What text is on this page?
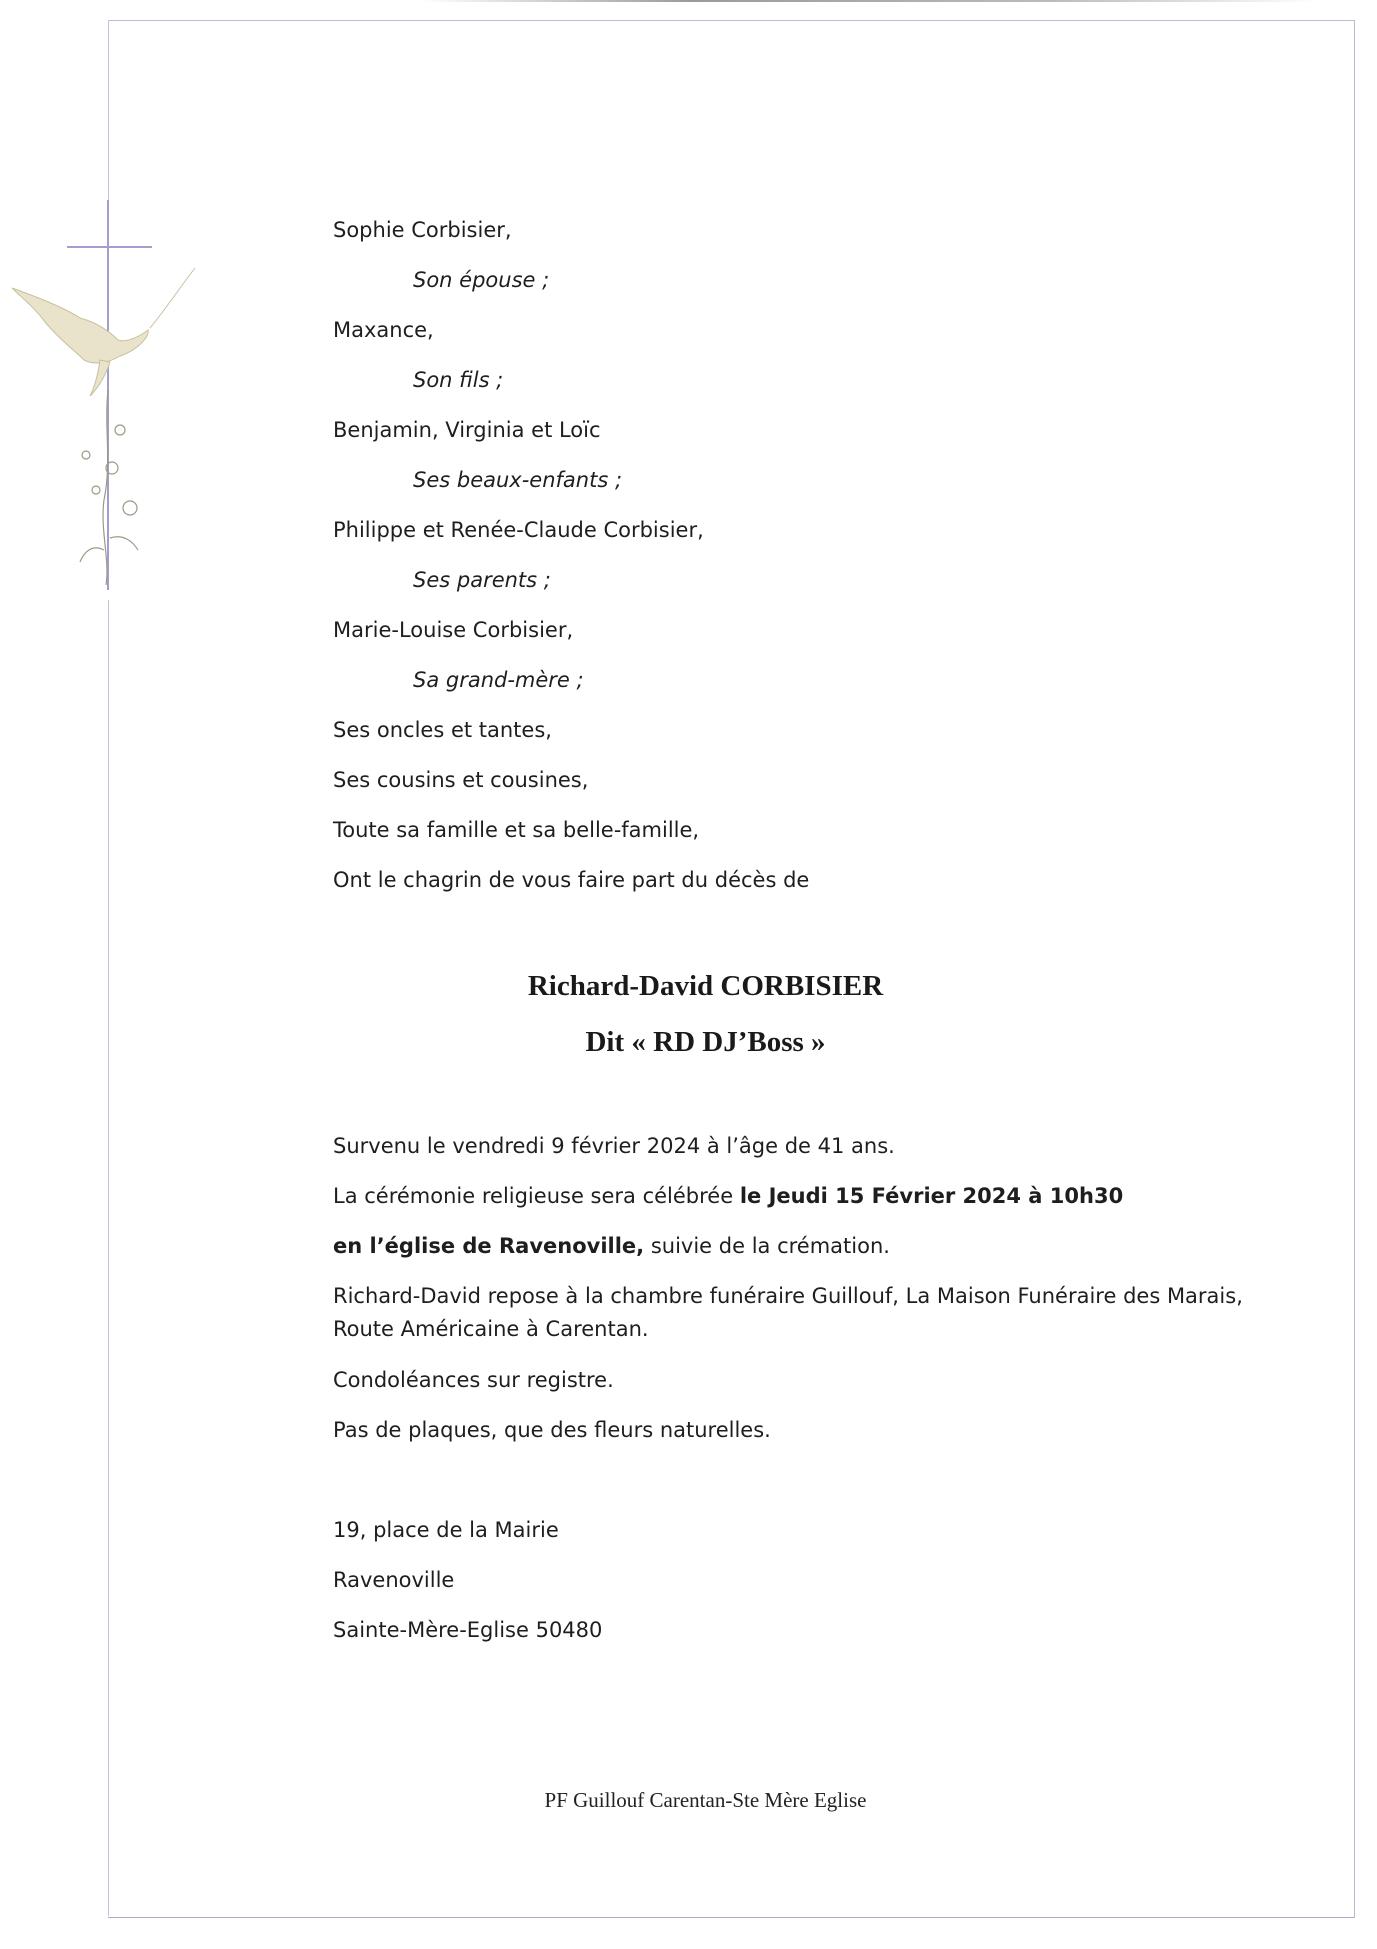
Sophie Corbisier,
Son épouse ;
Maxance,
Son fils ;
Benjamin, Virginia et Loïc
Ses beaux-enfants ;
Philippe et Renée-Claude Corbisier,
Ses parents ;
Marie-Louise Corbisier,
Sa grand-mère ;
Ses oncles et tantes,
Ses cousins et cousines,
Toute sa famille et sa belle-famille,
Ont le chagrin de vous faire part du décès de
Richard-David CORBISIER
Dit « RD DJ’Boss »
Survenu le vendredi 9 février 2024 à l’âge de 41 ans.
La cérémonie religieuse sera célébrée le Jeudi 15 Février 2024 à 10h30
en l’église de Ravenoville, suivie de la crémation.
Richard-David repose à la chambre funéraire Guillouf, La Maison Funéraire des Marais, Route Américaine à Carentan.
Condoléances sur registre.
Pas de plaques, que des fleurs naturelles.
19, place de la Mairie
Ravenoville
Sainte-Mère-Eglise 50480
PF Guillouf Carentan-Ste Mère Eglise
